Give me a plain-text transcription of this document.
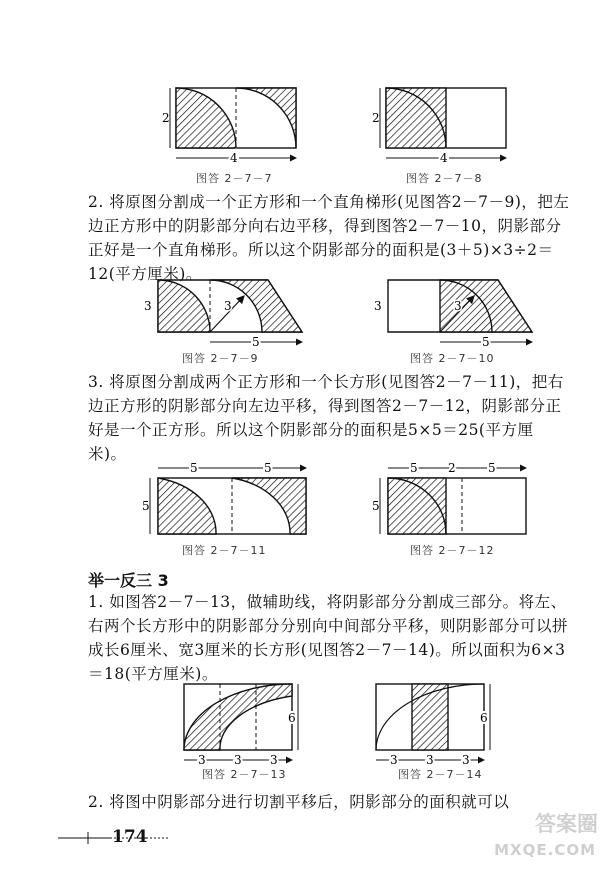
2
4
图答 2－7－7
2
4
图答 2－7－8

2. 将原图分割成一个正方形和一个直角梯形(见图答2－7－9)，把左边正方形中的阴影部分向右边平移，得到图答2－7－10，阴影部分正好是一个直角梯形。所以这个阴影部分的面积是(3＋5)×3÷2＝12(平方厘米)。

3
3
5
图答 2－7－9
3
3
5
图答 2－7－10

3. 将原图分割成两个正方形和一个长方形(见图答2－7－11)，把右边正方形的阴影部分向左边平移，得到图答2－7－12，阴影部分正好是一个正方形。所以这个阴影部分的面积是5×5＝25(平方厘米)。

5	5
5
图答 2－7－11
5	2	5
5
图答 2－7－12
举一反三 3

1. 如图答2－7－13，做辅助线，将阴影部分分割成三部分。将左、右两个长方形中的阴影部分分别向中间部分平移，则阴影部分可以拼成长6厘米、宽3厘米的长方形(见图答2－7－14)。所以面积为6×3＝18(平方厘米)。

6
3 3 3
图答 2－7－13
6
3 3 3
图答 2－7－14

2. 将图中阴影部分进行切割平移后，阴影部分的面积就可以

174
答案圈
MXQE.COM
